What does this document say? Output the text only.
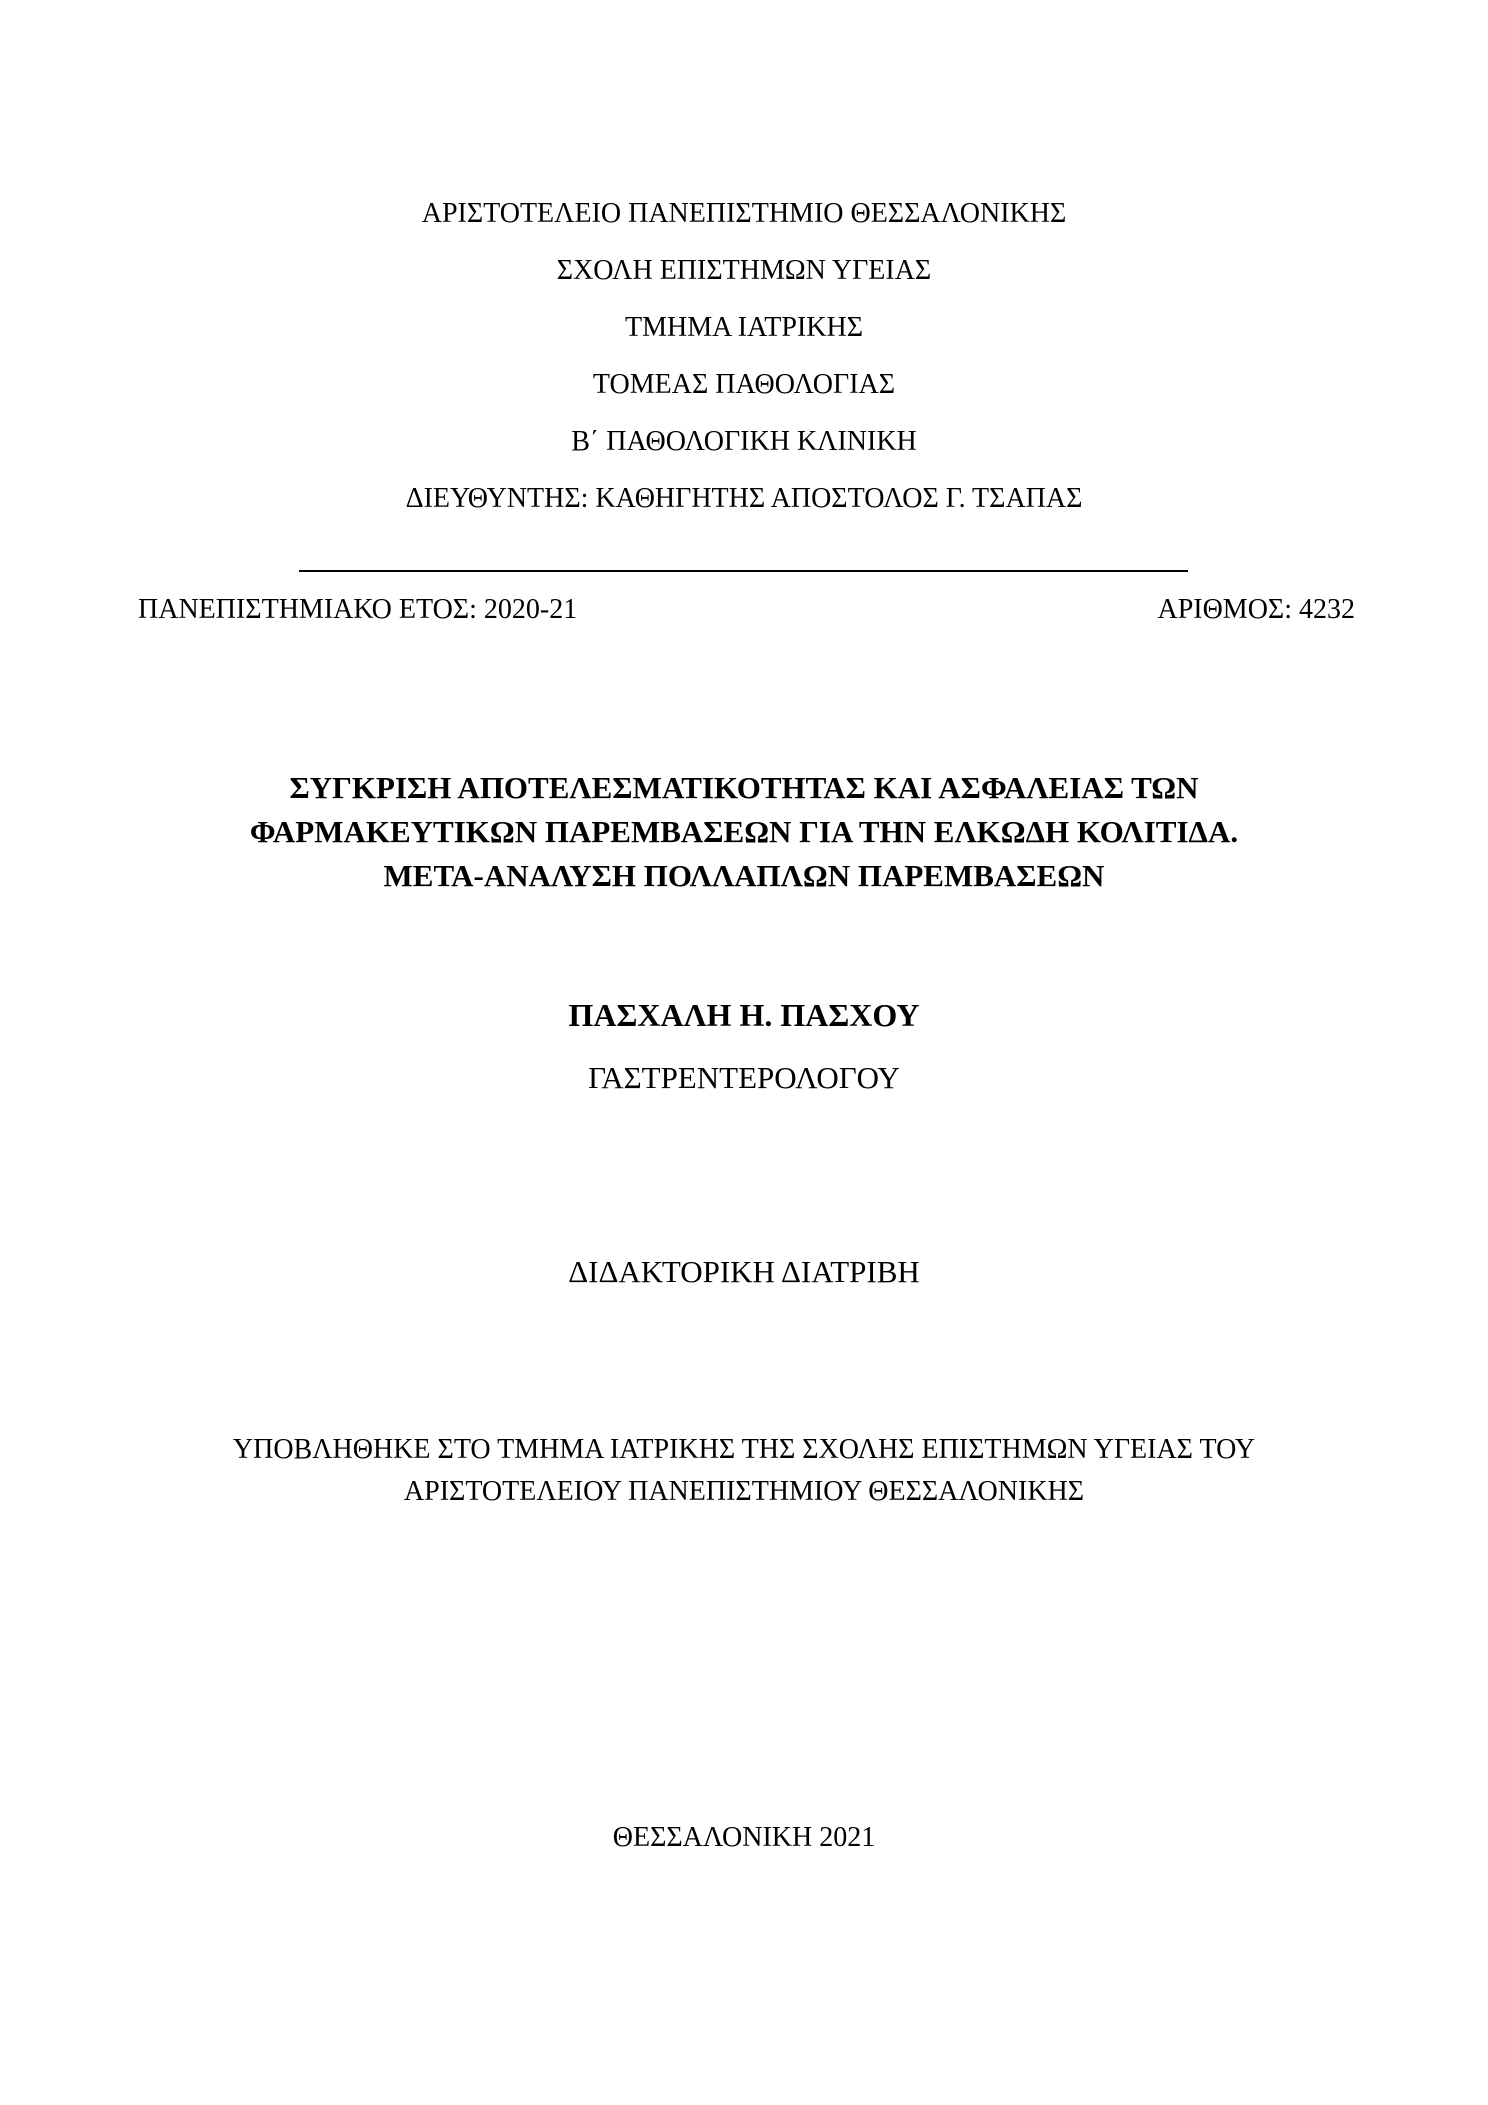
ΑΡΙΣΤΟΤΕΛΕΙΟ ΠΑΝΕΠΙΣΤΗΜΙΟ ΘΕΣΣΑΛΟΝΙΚΗΣ
ΣΧΟΛΗ ΕΠΙΣΤΗΜΩΝ ΥΓΕΙΑΣ
ΤΜΗΜΑ ΙΑΤΡΙΚΗΣ
ΤΟΜΕΑΣ ΠΑΘΟΛΟΓΙΑΣ
Β΄ ΠΑΘΟΛΟΓΙΚΗ ΚΛΙΝΙΚΗ
ΔΙΕΥΘΥΝΤΗΣ: ΚΑΘΗΓΗΤΗΣ ΑΠΟΣΤΟΛΟΣ Γ. ΤΣΑΠΑΣ
ΠΑΝΕΠΙΣΤΗΜΙΑΚΟ ΕΤΟΣ: 2020-21	ΑΡΙΘΜΟΣ: 4232
ΣΥΓΚΡΙΣΗ ΑΠΟΤΕΛΕΣΜΑΤΙΚΟΤΗΤΑΣ ΚΑΙ ΑΣΦΑΛΕΙΑΣ ΤΩΝ
ΦΑΡΜΑΚΕΥΤΙΚΩΝ ΠΑΡΕΜΒΑΣΕΩΝ ΓΙΑ ΤΗΝ ΕΛΚΩΔΗ ΚΟΛΙΤΙΔΑ.
ΜΕΤΑ-ΑΝΑΛΥΣΗ ΠΟΛΛΑΠΛΩΝ ΠΑΡΕΜΒΑΣΕΩΝ
ΠΑΣΧΑΛΗ Η. ΠΑΣΧΟΥ
ΓΑΣΤΡΕΝΤΕΡΟΛΟΓΟΥ
ΔΙΔΑΚΤΟΡΙΚΗ ΔΙΑΤΡΙΒΗ
ΥΠΟΒΛΗΘΗΚΕ ΣΤΟ ΤΜΗΜΑ ΙΑΤΡΙΚΗΣ ΤΗΣ ΣΧΟΛΗΣ ΕΠΙΣΤΗΜΩΝ ΥΓΕΙΑΣ ΤΟΥ
ΑΡΙΣΤΟΤΕΛΕΙΟΥ ΠΑΝΕΠΙΣΤΗΜΙΟΥ ΘΕΣΣΑΛΟΝΙΚΗΣ
ΘΕΣΣΑΛΟΝΙΚΗ 2021
